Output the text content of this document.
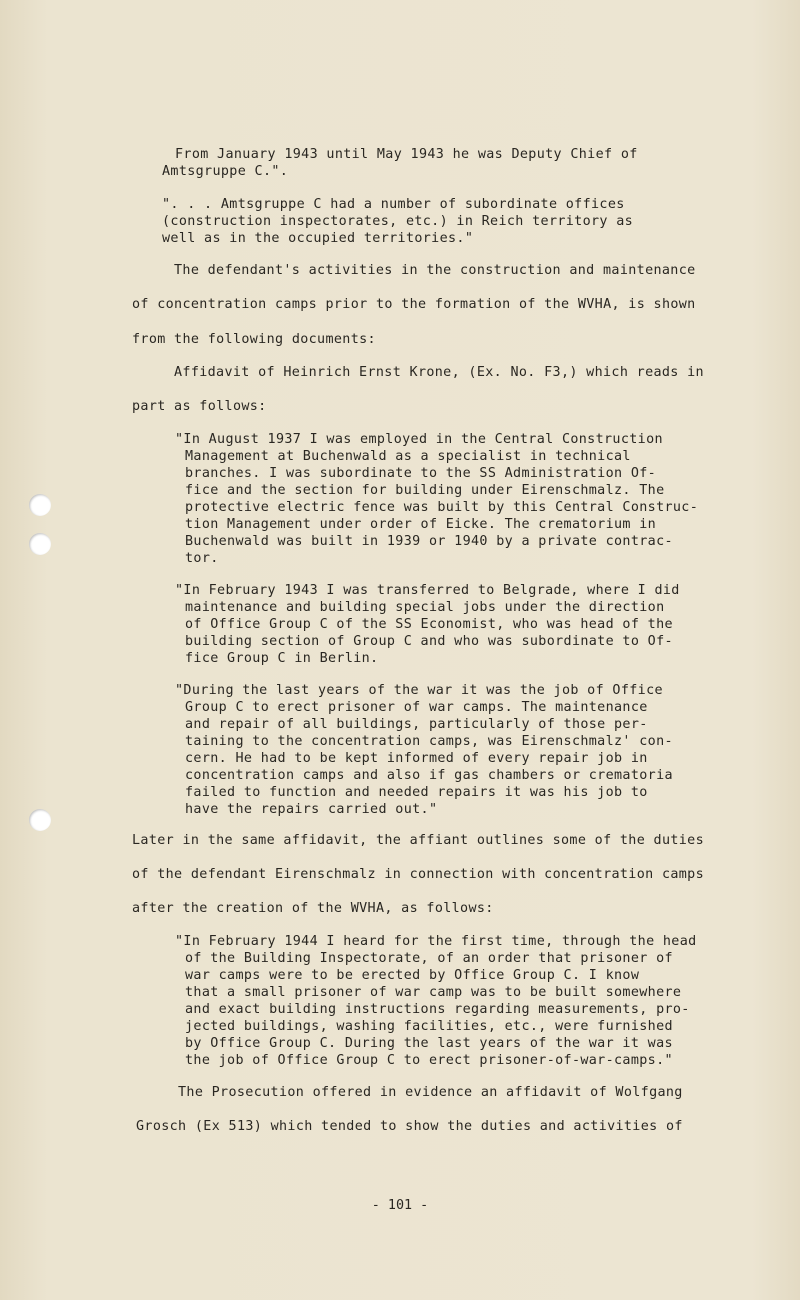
From January 1943 until May 1943 he was Deputy Chief of
Amtsgruppe C.".
". . . Amtsgruppe C had a number of subordinate offices
(construction inspectorates, etc.) in Reich territory as
well as in the occupied territories."
The defendant's activities in the construction and maintenance
of concentration camps prior to the formation of the WVHA, is shown
from the following documents:
Affidavit of Heinrich Ernst Krone, (Ex. No. F3,) which reads in
part as follows:
"In August 1937 I was employed in the Central Construction
Management at Buchenwald as a specialist in technical
branches. I was subordinate to the SS Administration Of-
fice and the section for building under Eirenschmalz. The
protective electric fence was built by this Central Construc-
tion Management under order of Eicke. The crematorium in
Buchenwald was built in 1939 or 1940 by a private contrac-
tor.
"In February 1943 I was transferred to Belgrade, where I did
maintenance and building special jobs under the direction
of Office Group C of the SS Economist, who was head of the
building section of Group C and who was subordinate to Of-
fice Group C in Berlin.
"During the last years of the war it was the job of Office
Group C to erect prisoner of war camps. The maintenance
and repair of all buildings, particularly of those per-
taining to the concentration camps, was Eirenschmalz' con-
cern. He had to be kept informed of every repair job in
concentration camps and also if gas chambers or crematoria
failed to function and needed repairs it was his job to
have the repairs carried out."
Later in the same affidavit, the affiant outlines some of the duties
of the defendant Eirenschmalz in connection with concentration camps
after the creation of the WVHA, as follows:
"In February 1944 I heard for the first time, through the head
of the Building Inspectorate, of an order that prisoner of
war camps were to be erected by Office Group C. I know
that a small prisoner of war camp was to be built somewhere
and exact building instructions regarding measurements, pro-
jected buildings, washing facilities, etc., were furnished
by Office Group C. During the last years of the war it was
the job of Office Group C to erect prisoner-of-war-camps."
The Prosecution offered in evidence an affidavit of Wolfgang
Grosch (Ex 513) which tended to show the duties and activities of
- 101 -
